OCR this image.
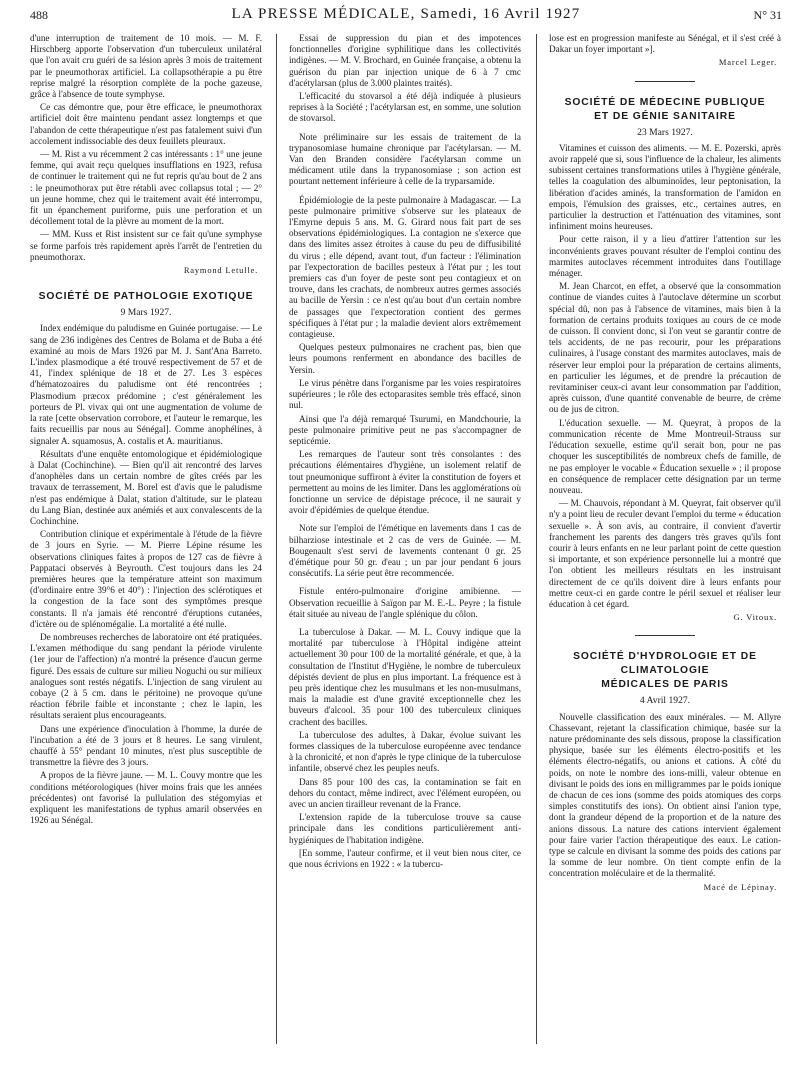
488	LA PRESSE MÉDICALE, Samedi, 16 Avril 1927	N° 31

d'une interruption de traitement de 10 mois. — M. F. Hirschberg apporte l'observation d'un tuberculeux unilatéral que l'on avait cru guéri de sa lésion après 3 mois de traitement par le pneumothorax artificiel. La collapsothérapie a pu être reprise malgré la résorption complète de la poche gazeuse, grâce à l'absence de toute symphyse.

Ce cas démontre que, pour être efficace, le pneumothorax artificiel doit être maintenu pendant assez longtemps et que l'abandon de cette thérapeutique n'est pas fatalement suivi d'un accolement indissociable des deux feuillets pleuraux.

— M. Rist a vu récemment 2 cas intéressants : 1° une jeune femme, qui avait reçu quelques insufflations en 1923, refusa de continuer le traitement qui ne fut repris qu'au bout de 2 ans : le pneumothorax put être rétabli avec collapsus total ; — 2° un jeune homme, chez qui le traitement avait été interrompu, fit un épanchement puriforme, puis une perforation et un décollement total de la plèvre au moment de la mort.

— MM. Kuss et Rist insistent sur ce fait qu'une symphyse se forme parfois très rapidement après l'arrêt de l'entretien du pneumothorax.

Raymond Letulle.
SOCIÉTÉ DE PATHOLOGIE EXOTIQUE
9 Mars 1927.

Index endémique du paludisme en Guinée portugaise. — Le sang de 236 indigènes des Centres de Bolama et de Buba a été examiné au mois de Mars 1926 par M. J. Sant'Ana Barreto. L'index plasmodique a été trouvé respectivement de 57 et de 41, l'index splénique de 18 et de 27. Les 3 espèces d'hématozoaires du paludisme ont été rencontrées ; Plasmodium præcox prédomine ; c'est généralement les porteurs de Pl. vivax qui ont une augmentation de volume de la rate [cette observation corrobore, et l'auteur le remarque, les faits recueillis par nous au Sénégal]. Comme anophélines, à signaler A. squamosus, A. costalis et A. mauritianus.

Résultats d'une enquête entomologique et épidémiologique à Dalat (Cochinchine). — Bien qu'il ait rencontré des larves d'anophèles dans un certain nombre de gîtes créés par les travaux de terrassement, M. Borel est d'avis que le paludisme n'est pas endémique à Dalat, station d'altitude, sur le plateau du Lang Bian, destinée aux anémiés et aux convalescents de la Cochinchine.

Contribution clinique et expérimentale à l'étude de la fièvre de 3 jours en Syrie. — M. Pierre Lépine résume les observations cliniques faites à propos de 127 cas de fièvre à Pappataci observés à Beyrouth. C'est toujours dans les 24 premières heures que la température atteint son maximum (d'ordinaire entre 39°6 et 40°) : l'injection des sclérotiques et la congestion de la face sont des symptômes presque constants. Il n'a jamais été rencontré d'éruptions cutanées, d'ictère ou de splénomégalie. La mortalité a été nulle.

De nombreuses recherches de laboratoire ont été pratiquées. L'examen méthodique du sang pendant la période virulente (1er jour de l'affection) n'a montré la présence d'aucun germe figuré. Des essais de culture sur milieu Noguchi ou sur milieux analogues sont restés négatifs. L'injection de sang virulent au cobaye (2 à 5 cm. dans le péritoine) ne provoque qu'une réaction fébrile faible et inconstante ; chez le lapin, les résultats seraient plus encourageants.

Dans une expérience d'inoculation à l'homme, la durée de l'incubation a été de 3 jours et 8 heures. Le sang virulent, chauffé à 55° pendant 10 minutes, n'est plus susceptible de transmettre la fièvre des 3 jours.

A propos de la fièvre jaune. — M. L. Couvy montre que les conditions météorologiques (hiver moins frais que les années précédentes) ont favorisé la pullulation des stégomyias et expliquent les manifestations de typhus amaril observées en 1926 au Sénégal.

Essai de suppression du pian et des impotences fonctionnelles d'origine syphilitique dans les collectivités indigènes. — M. V. Brochard, en Guinée française, a obtenu la guérison du pian par injection unique de 6 à 7 cmc d'acétylarsan (plus de 3.000 plaintes traités).

L'efficacité du stovarsol a été déjà indiquée à plusieurs reprises à la Société ; l'acétylarsan est, en somme, une solution de stovarsol.

Note préliminaire sur les essais de traitement de la trypanosomiase humaine chronique par l'acétylarsan. — M. Van den Branden considère l'acétylarsan comme un médicament utile dans la trypanosomiase ; son action est pourtant nettement inférieure à celle de la tryparsamide.

Épidémiologie de la peste pulmonaire à Madagascar. — La peste pulmonaire primitive s'observe sur les plateaux de l'Emyrne depuis 5 ans. M. G. Girard nous fait part de ses observations épidémiologiques. La contagion ne s'exerce que dans des limites assez étroites à cause du peu de diffusibilité du virus ; elle dépend, avant tout, d'un facteur : l'élimination par l'expectoration de bacilles pesteux à l'état pur ; les tout premiers cas d'un foyer de peste sont peu contagieux et on trouve, dans les crachats, de nombreux autres germes associés au bacille de Yersin : ce n'est qu'au bout d'un certain nombre de passages que l'expectoration contient des germes spécifiques à l'état pur ; la maladie devient alors extrêmement contagieuse.

Quelques pesteux pulmonaires ne crachent pas, bien que leurs poumons renferment en abondance des bacilles de Yersin.

Le virus pénètre dans l'organisme par les voies respiratoires supérieures ; le rôle des ectoparasites semble très effacé, sinon nul.

Ainsi que l'a déjà remarqué Tsurumi, en Mandchourie, la peste pulmonaire primitive peut ne pas s'accompagner de septicémie.

Les remarques de l'auteur sont très consolantes : des précautions élémentaires d'hygiène, un isolement relatif de tout pneumonique suffiront à éviter la constitution de foyers et permettent au moins de les limiter. Dans les agglomérations où fonctionne un service de dépistage précoce, il ne saurait y avoir d'épidémies de quelque étendue.

Note sur l'emploi de l'émétique en lavements dans 1 cas de bilharziose intestinale et 2 cas de vers de Guinée. — M. Bougenault s'est servi de lavements contenant 0 gr. 25 d'émétique pour 50 gr. d'eau ; un par jour pendant 6 jours consécutifs. La série peut être recommencée.

Fistule entéro-pulmonaire d'origine amibienne. — Observation recueillie à Saïgon par M. E.-L. Peyre ; la fistule était située au niveau de l'angle splénique du côlon.

La tuberculose à Dakar. — M. L. Couvy indique que la mortalité par tuberculose à l'Hôpital indigène atteint actuellement 30 pour 100 de la mortalité générale, et que, à la consultation de l'Institut d'Hygiène, le nombre de tuberculeux dépistés devient de plus en plus important. La fréquence est à peu près identique chez les musulmans et les non-musulmans, mais la maladie est d'une gravité exceptionnelle chez les buveurs d'alcool. 35 pour 100 des tuberculeux cliniques crachent des bacilles.

La tuberculose des adultes, à Dakar, évolue suivant les formes classiques de la tuberculose européenne avec tendance à la chronicité, et non d'après le type clinique de la tuberculose infantile, observé chez les peuples neufs.

Dans 85 pour 100 des cas, la contamination se fait en dehors du contact, même indirect, avec l'élément européen, ou avec un ancien tirailleur revenant de la France.

L'extension rapide de la tuberculose trouve sa cause principale dans les conditions particulièrement anti-hygiéniques de l'habitation indigène.

[En somme, l'auteur confirme, et il veut bien nous citer, ce que nous écrivions en 1922 : « la tubercu-

lose est en progression manifeste au Sénégal, et il s'est créé à Dakar un foyer important »].

Marcel Leger.
SOCIÉTÉ DE MÉDECINE PUBLIQUE
ET DE GÉNIE SANITAIRE
23 Mars 1927.

Vitamines et cuisson des aliments. — M. E. Pozerski, après avoir rappelé que si, sous l'influence de la chaleur, les aliments subissent certaines transformations utiles à l'hygiène générale, telles la coagulation des albuminoïdes, leur peptonisation, la libération d'acides aminés, la transformation de l'amidon en empois, l'émulsion des graisses, etc., certaines autres, en particulier la destruction et l'atténuation des vitamines, sont infiniment moins heureuses.

Pour cette raison, il y a lieu d'attirer l'attention sur les inconvénients graves pouvant résulter de l'emploi continu des marmites autoclaves récemment introduites dans l'outillage ménager.

M. Jean Charcot, en effet, a observé que la consommation continue de viandes cuites à l'autoclave détermine un scorbut spécial dû, non pas à l'absence de vitamines, mais bien à la formation de certains produits toxiques au cours de ce mode de cuisson. Il convient donc, si l'on veut se garantir contre de tels accidents, de ne pas recourir, pour les préparations culinaires, à l'usage constant des marmites autoclaves, mais de réserver leur emploi pour la préparation de certains aliments, en particulier les légumes, et de prendre la précaution de revitaminiser ceux-ci avant leur consommation par l'addition, après cuisson, d'une quantité convenable de beurre, de crème ou de jus de citron.

L'éducation sexuelle. — M. Queyrat, à propos de la communication récente de Mme Montreuil-Strauss sur l'éducation sexuelle, estime qu'il serait bon, pour ne pas choquer les susceptibilités de nombreux chefs de famille, de ne pas employer le vocable « Éducation sexuelle » ; il propose en conséquence de remplacer cette désignation par un terme nouveau.

— M. Chauvois, répondant à M. Queyrat, fait observer qu'il n'y a point lieu de reculer devant l'emploi du terme « éducation sexuelle ». À son avis, au contraire, il convient d'avertir franchement les parents des dangers très graves qu'ils font courir à leurs enfants en ne leur parlant point de cette question si importante, et son expérience personnelle lui a montré que l'on obtient les meilleurs résultats en les instruisant directement de ce qu'ils doivent dire à leurs enfants pour mettre ceux-ci en garde contre le péril sexuel et réaliser leur éducation à cet égard.

G. Vitoux.
SOCIÉTÉ D'HYDROLOGIE ET DE CLIMATOLOGIE
MÉDICALES DE PARIS
4 Avril 1927.

Nouvelle classification des eaux minérales. — M. Allyre Chassevant, rejetant la classification chimique, basée sur la nature prédominante des sels dissous, propose la classification physique, basée sur les éléments électro-positifs et les éléments électro-négatifs, ou anions et cations. À côté du poids, on note le nombre des ions-milli, valeur obtenue en divisant le poids des ions en milligrammes par le poids ionique de chacun de ces ions (somme des poids atomiques des corps simples constitutifs des ions). On obtient ainsi l'anion type, dont la grandeur dépend de la proportion et de la nature des anions dissous. La nature des cations intervient également pour faire varier l'action thérapeutique des eaux. Le cation-type se calcule en divisant la somme des poids des cations par la somme de leur nombre. On tient compte enfin de la concentration moléculaire et de la thermalité.

Macé de Lépinay.
